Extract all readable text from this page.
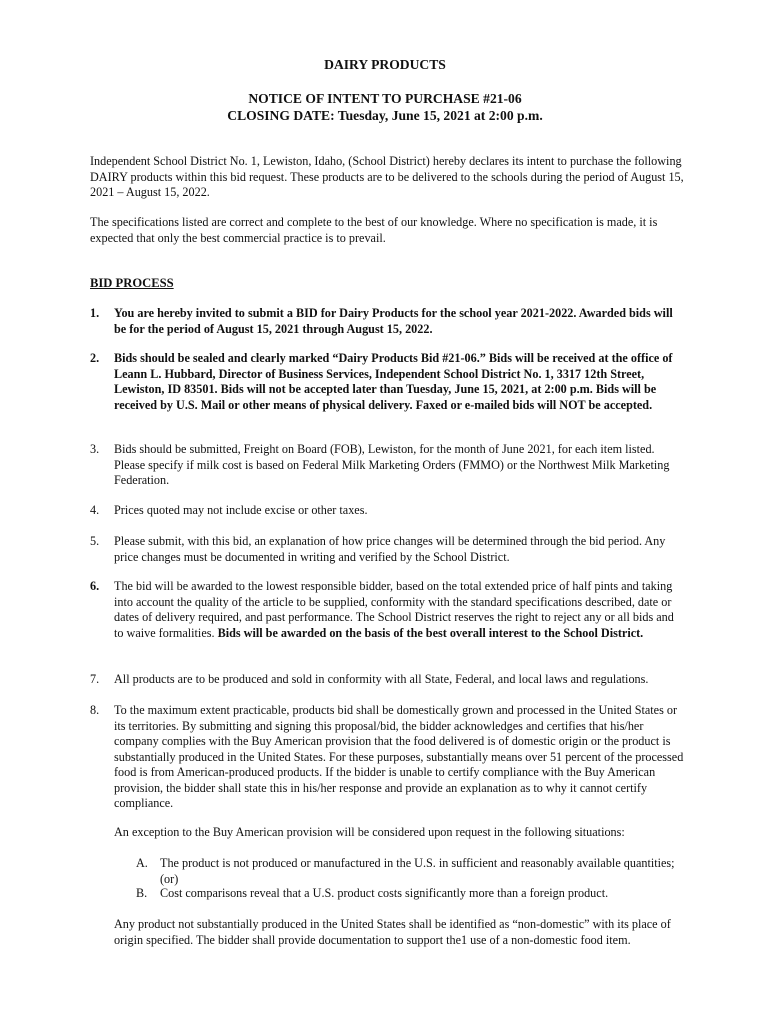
DAIRY PRODUCTS
NOTICE OF INTENT TO PURCHASE #21-06
CLOSING DATE: Tuesday, June 15, 2021 at 2:00 p.m.
Independent School District No. 1, Lewiston, Idaho, (School District) hereby declares its intent to purchase the following DAIRY products within this bid request. These products are to be delivered to the schools during the period of August 15, 2021 – August 15, 2022.
The specifications listed are correct and complete to the best of our knowledge. Where no specification is made, it is expected that only the best commercial practice is to prevail.
BID PROCESS
1.	You are hereby invited to submit a BID for Dairy Products for the school year 2021-2022. Awarded bids will be for the period of August 15, 2021 through August 15, 2022.
2.	Bids should be sealed and clearly marked “Dairy Products Bid #21-06.” Bids will be received at the office of Leann L. Hubbard, Director of Business Services, Independent School District No. 1, 3317 12th Street, Lewiston, ID 83501. Bids will not be accepted later than Tuesday, June 15, 2021, at 2:00 p.m. Bids will be received by U.S. Mail or other means of physical delivery. Faxed or e-mailed bids will NOT be accepted.
3.	Bids should be submitted, Freight on Board (FOB), Lewiston, for the month of June 2021, for each item listed. Please specify if milk cost is based on Federal Milk Marketing Orders (FMMO) or the Northwest Milk Marketing Federation.
4.	Prices quoted may not include excise or other taxes.
5.	Please submit, with this bid, an explanation of how price changes will be determined through the bid period. Any price changes must be documented in writing and verified by the School District.
6.	The bid will be awarded to the lowest responsible bidder, based on the total extended price of half pints and taking into account the quality of the article to be supplied, conformity with the standard specifications described, date or dates of delivery required, and past performance. The School District reserves the right to reject any or all bids and to waive formalities. Bids will be awarded on the basis of the best overall interest to the School District.
7.	All products are to be produced and sold in conformity with all State, Federal, and local laws and regulations.
8.	To the maximum extent practicable, products bid shall be domestically grown and processed in the United States or its territories. By submitting and signing this proposal/bid, the bidder acknowledges and certifies that his/her company complies with the Buy American provision that the food delivered is of domestic origin or the product is substantially produced in the United States. For these purposes, substantially means over 51 percent of the processed food is from American-produced products. If the bidder is unable to certify compliance with the Buy American provision, the bidder shall state this in his/her response and provide an explanation as to why it cannot certify compliance.
An exception to the Buy American provision will be considered upon request in the following situations:
A. The product is not produced or manufactured in the U.S. in sufficient and reasonably available quantities; (or)
B. Cost comparisons reveal that a U.S. product costs significantly more than a foreign product.
Any product not substantially produced in the United States shall be identified as “non-domestic” with its place of origin specified. The bidder shall provide documentation to support the1 use of a non-domestic food item.
